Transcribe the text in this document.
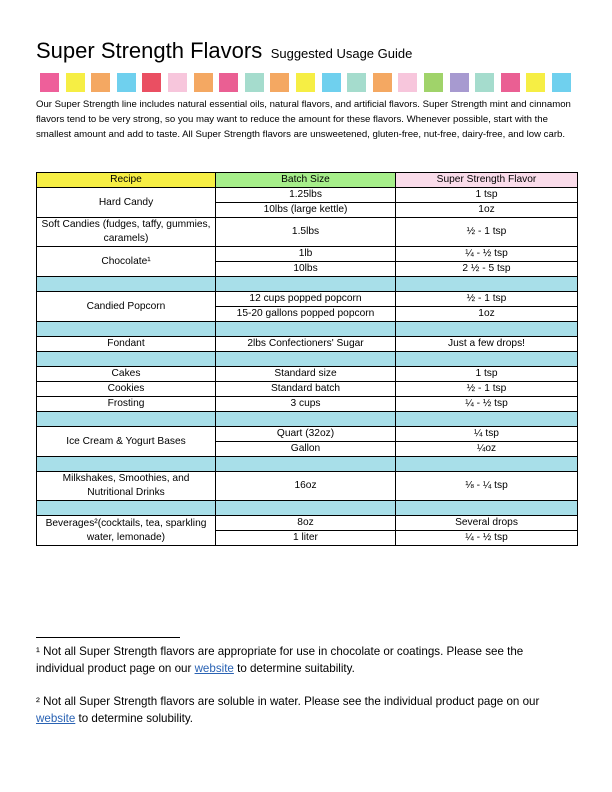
Super Strength Flavors Suggested Usage Guide

Our Super Strength line includes natural essential oils, natural flavors, and artificial flavors. Super Strength mint and cinnamon flavors tend to be very strong, so you may want to reduce the amount for these flavors. Whenever possible, start with the smallest amount and add to taste. All Super Strength flavors are unsweetened, gluten-free, nut-free, dairy-free, and low carb.

Recipe	Batch Size	Super Strength Flavor
Hard Candy	1.25lbs	1 tsp
	10lbs (large kettle)	1oz
Soft Candies (fudges, taffy, gummies, caramels)	1.5lbs	½ - 1 tsp
Chocolate¹	1lb	¼ - ½ tsp
	10lbs	2 ½ - 5 tsp

Candied Popcorn	12 cups popped popcorn	½ - 1 tsp
	15-20 gallons popped popcorn	1oz

Fondant	2lbs Confectioners' Sugar	Just a few drops!

Cakes	Standard size	1 tsp
Cookies	Standard batch	½ - 1 tsp
Frosting	3 cups	¼ - ½ tsp

Ice Cream & Yogurt Bases	Quart (32oz)	¼ tsp
	Gallon	¼oz

Milkshakes, Smoothies, and Nutritional Drinks	16oz	⅛ - ¼ tsp

Beverages²(cocktails, tea, sparkling water, lemonade)	8oz	Several drops
	1 liter	¼ - ½ tsp
¹ Not all Super Strength flavors are appropriate for use in chocolate or coatings. Please see the individual product page on our website to determine suitability.
² Not all Super Strength flavors are soluble in water. Please see the individual product page on our website to determine solubility.
